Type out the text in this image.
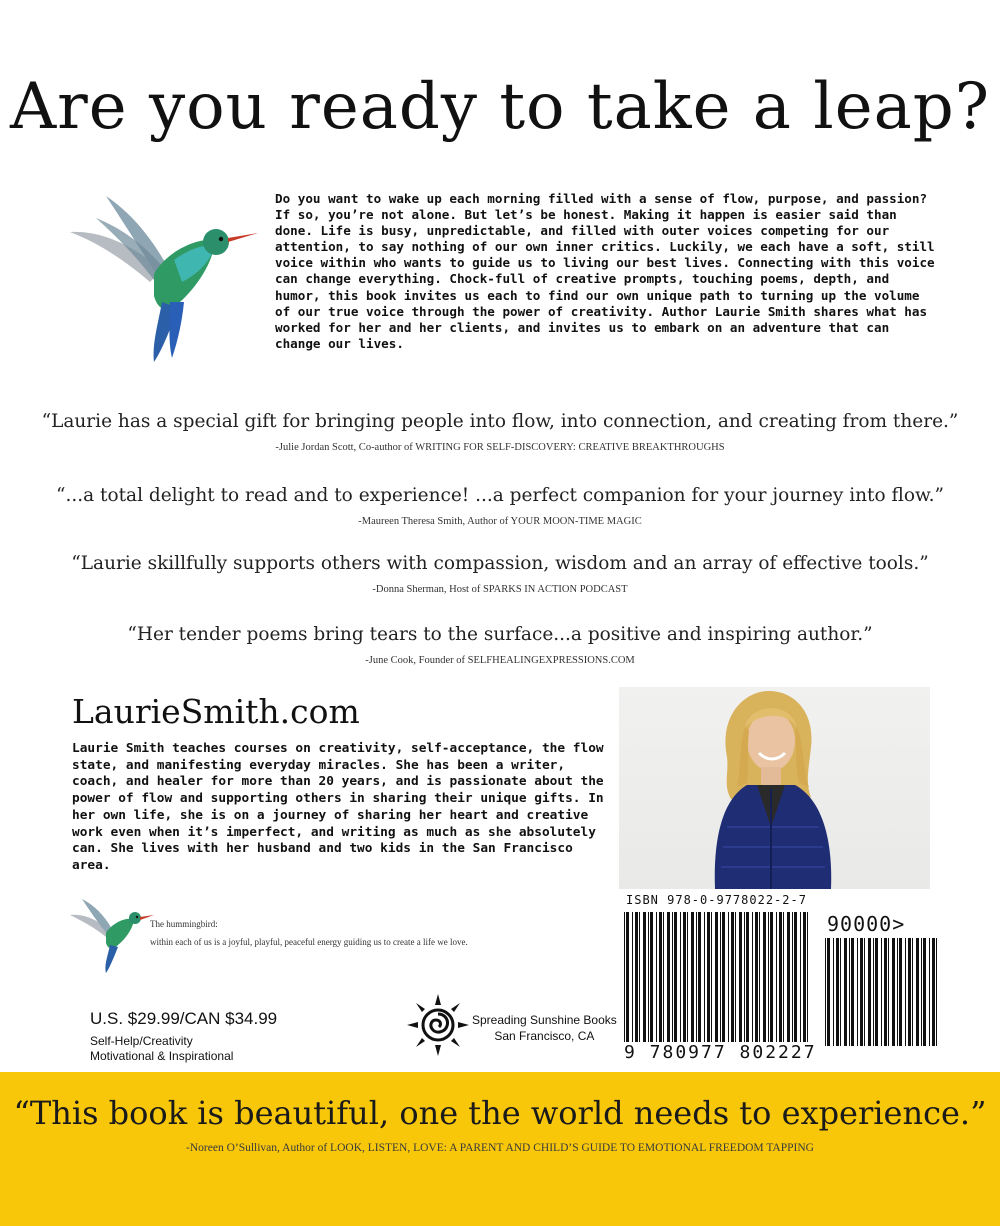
Are you ready to take a leap?
Do you want to wake up each morning filled with a sense of flow, purpose, and passion? If so, you’re not alone. But let’s be honest. Making it happen is easier said than done. Life is busy, unpredictable, and filled with outer voices competing for our attention, to say nothing of our own inner critics. Luckily, we each have a soft, still voice within who wants to guide us to living our best lives. Connecting with this voice can change everything. Chock-full of creative prompts, touching poems, depth, and humor, this book invites us each to find our own unique path to turning up the volume of our true voice through the power of creativity. Author Laurie Smith shares what has worked for her and her clients, and invites us to embark on an adventure that can change our lives.
“Laurie has a special gift for bringing people into flow, into connection, and creating from there.”
-Julie Jordan Scott, Co-author of WRITING FOR SELF-DISCOVERY: CREATIVE BREAKTHROUGHS
“...a total delight to read and to experience! ...a perfect companion for your journey into flow.”
-Maureen Theresa Smith, Author of YOUR MOON-TIME MAGIC
“Laurie skillfully supports others with compassion, wisdom and an array of effective tools.”
-Donna Sherman, Host of SPARKS IN ACTION PODCAST
“Her tender poems bring tears to the surface...a positive and inspiring author.”
-June Cook, Founder of SELFHEALINGEXPRESSIONS.COM
LaurieSmith.com
Laurie Smith teaches courses on creativity, self-acceptance, the flow state, and manifesting everyday miracles. She has been a writer, coach, and healer for more than 20 years, and is passionate about the power of flow and supporting others in sharing their unique gifts. In her own life, she is on a journey of sharing her heart and creative work even when it’s imperfect, and writing as much as she absolutely can. She lives with her husband and two kids in the San Francisco area.
The hummingbird:
within each of us is a joyful, playful, peaceful energy guiding us to create a life we love.
U.S. $29.99/CAN $34.99
Self-Help/Creativity
Motivational & Inspirational
Spreading Sunshine Books
San Francisco, CA
ISBN 978-0-9778022-2-7
90000>
9 780977 802227
“This book is beautiful, one the world needs to experience.”
-Noreen O’Sullivan, Author of LOOK, LISTEN, LOVE: A PARENT AND CHILD’S GUIDE TO EMOTIONAL FREEDOM TAPPING
